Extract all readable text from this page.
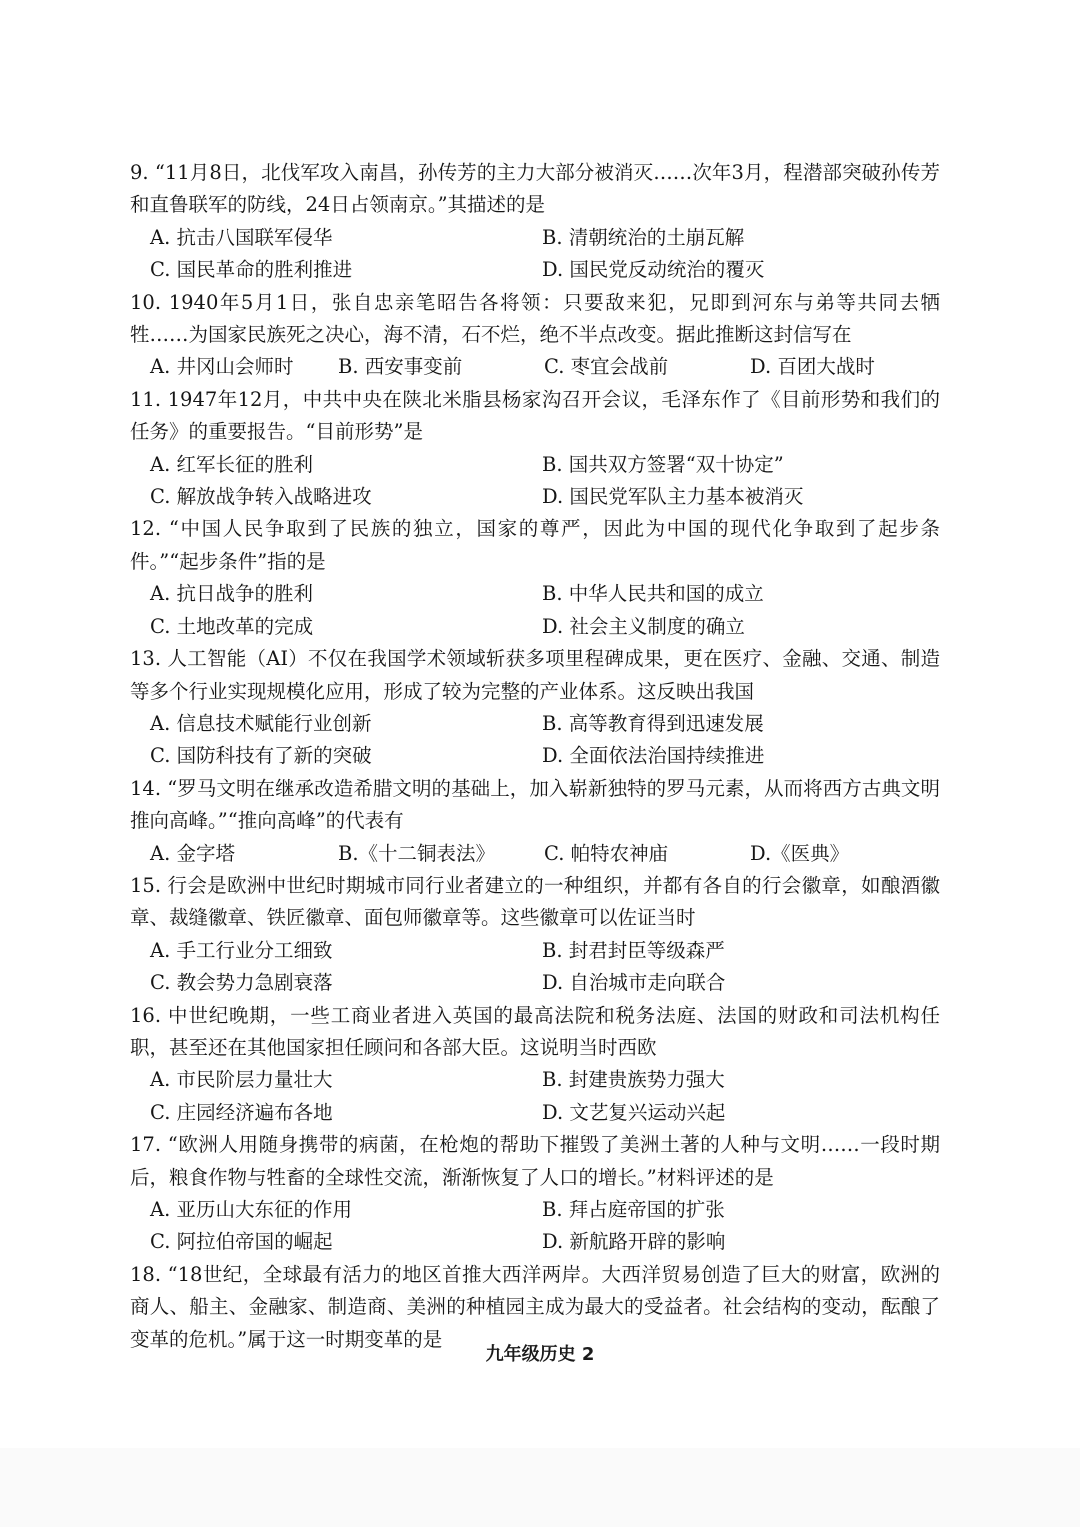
9. “11月8日，北伐军攻入南昌，孙传芳的主力大部分被消灭……次年3月，程潜部突破孙传芳和直鲁联军的防线，24日占领南京。”其描述的是
A. 抗击八国联军侵华	B. 清朝统治的土崩瓦解
C. 国民革命的胜利推进	D. 国民党反动统治的覆灭
10. 1940年5月1日，张自忠亲笔昭告各将领：只要敌来犯，兄即到河东与弟等共同去牺牲……为国家民族死之决心，海不清，石不烂，绝不半点改变。据此推断这封信写在
A. 井冈山会师时	B. 西安事变前	C. 枣宜会战前	D. 百团大战时
11. 1947年12月，中共中央在陕北米脂县杨家沟召开会议，毛泽东作了《目前形势和我们的任务》的重要报告。“目前形势”是
A. 红军长征的胜利	B. 国共双方签署“双十协定”
C. 解放战争转入战略进攻	D. 国民党军队主力基本被消灭
12. “中国人民争取到了民族的独立，国家的尊严，因此为中国的现代化争取到了起步条件。”“起步条件”指的是
A. 抗日战争的胜利	B. 中华人民共和国的成立
C. 土地改革的完成	D. 社会主义制度的确立
13. 人工智能（AI）不仅在我国学术领域斩获多项里程碑成果，更在医疗、金融、交通、制造等多个行业实现规模化应用，形成了较为完整的产业体系。这反映出我国
A. 信息技术赋能行业创新	B. 高等教育得到迅速发展
C. 国防科技有了新的突破	D. 全面依法治国持续推进
14. “罗马文明在继承改造希腊文明的基础上，加入崭新独特的罗马元素，从而将西方古典文明推向高峰。”“推向高峰”的代表有
A. 金字塔	B.《十二铜表法》	C. 帕特农神庙	D.《医典》
15. 行会是欧洲中世纪时期城市同行业者建立的一种组织，并都有各自的行会徽章，如酿酒徽章、裁缝徽章、铁匠徽章、面包师徽章等。这些徽章可以佐证当时
A. 手工行业分工细致	B. 封君封臣等级森严
C. 教会势力急剧衰落	D. 自治城市走向联合
16. 中世纪晚期，一些工商业者进入英国的最高法院和税务法庭、法国的财政和司法机构任职，甚至还在其他国家担任顾问和各部大臣。这说明当时西欧
A. 市民阶层力量壮大	B. 封建贵族势力强大
C. 庄园经济遍布各地	D. 文艺复兴运动兴起
17. “欧洲人用随身携带的病菌，在枪炮的帮助下摧毁了美洲土著的人种与文明……一段时期后，粮食作物与牲畜的全球性交流，渐渐恢复了人口的增长。”材料评述的是
A. 亚历山大东征的作用	B. 拜占庭帝国的扩张
C. 阿拉伯帝国的崛起	D. 新航路开辟的影响
18. “18世纪，全球最有活力的地区首推大西洋两岸。大西洋贸易创造了巨大的财富，欧洲的商人、船主、金融家、制造商、美洲的种植园主成为最大的受益者。社会结构的变动，酝酿了变革的危机。”属于这一时期变革的是
九年级历史 2
